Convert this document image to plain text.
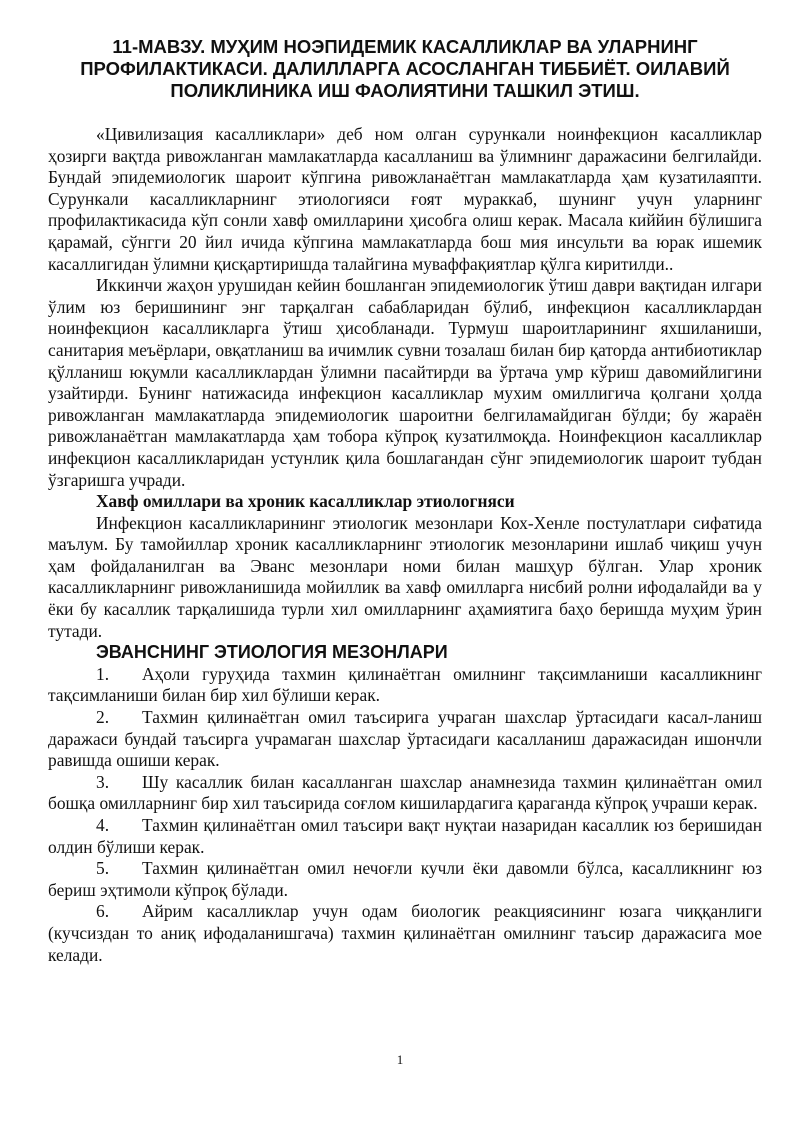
11-МАВЗУ. МУҲИМ НОЭПИДЕМИК КАСАЛЛИКЛАР ВА УЛАРНИНГ ПРОФИЛАКТИКАСИ. ДАЛИЛЛАРГА АСОСЛАНГАН ТИББИЁТ. ОИЛАВИЙ ПОЛИКЛИНИКА ИШ ФАОЛИЯТИНИ ТАШКИЛ ЭТИШ.

«Цивилизация касалликлари» деб ном олган сурункали ноинфекцион касалликлар ҳозирги вақтда ривожланган мамлакатларда касалланиш ва ўлимнинг даражасини белгилайди. Бундай эпидемиологик шароит кўпгина ривожланаётган мамлакатларда ҳам кузатилаяпти. Сурункали касалликларнинг этиологияси ғоят мураккаб, шунинг учун уларнинг профилактикасида кўп сонли хавф омилларини ҳисобга олиш керак. Масала киййин бўлишига қарамай, сўнгги 20 йил ичида кўпгина мамлакатларда бош мия инсульти ва юрак ишемик касаллигидан ўлимни қисқартиришда талайгина муваффақиятлар қўлга киритилди..

Иккинчи жаҳон урушидан кейин бошланган эпидемиологик ўтиш даври вақтидан илгари ўлим юз беришининг энг тарқалган сабабларидан бўлиб, инфекцион касалликлардан ноинфекцион касалликларга ўтиш ҳисобланади. Турмуш шароитларининг яхшиланиши, санитария меъёрлари, овқатланиш ва ичимлик сувни тозалаш билан бир қаторда антибиотиклар қўлланиш юқумли касалликлардан ўлимни пасайтирди ва ўртача умр кўриш давомийлигини узайтирди. Бунинг натижасида инфекцион касалликлар мухим омиллигича қолгани ҳолда ривожланган мамлакатларда эпидемиологик шароитни белгиламайдиган бўлди; бу жараён ривожланаётган мамлакатларда ҳам тобора кўпроқ кузатилмоқда. Ноинфекцион касалликлар инфекцион касалликларидан устунлик қила бошлагандан сўнг эпидемиологик шароит тубдан ўзгаришга учради.

Хавф омиллари ва хроник касалликлар этиологняси

Инфекцион касалликларининг этиологик мезонлари Кох-Хенле постулатлари сифатида маълум. Бу тамойиллар хроник касалликларнинг этиологик мезонларини ишлаб чиқиш учун ҳам фойдаланилган ва Эванс мезонлари номи билан машҳур бўлган. Улар хроник касалликларнинг ривожланишида мойиллик ва хавф омилларга нисбий ролни ифодалайди ва у ёки бу касаллик тарқалишида турли хил омилларнинг аҳамиятига баҳо беришда муҳим ўрин тутади.

ЭВАНСНИНГ ЭТИОЛОГИЯ МЕЗОНЛАРИ

1. Аҳоли гуруҳида тахмин қилинаётган омилнинг тақсимланиши касалликнинг тақсимланиши билан бир хил бўлиши керак.

2. Тахмин қилинаётган омил таъсирига учраган шахслар ўртасидаги касал-ланиш даражаси бундай таъсирга учрамаган шахслар ўртасидаги касалланиш даражасидан ишончли равишда ошиши керак.

3. Шу касаллик билан касалланган шахслар анамнезида тахмин қилинаётган омил бошқа омилларнинг бир хил таъсирида соғлом кишилардагига қараганда кўпроқ учраши керак.

4. Тахмин қилинаётган омил таъсири вақт нуқтаи назаридан касаллик юз беришидан олдин бўлиши керак.

5. Тахмин қилинаётган омил нечоғли кучли ёки давомли бўлса, касалликнинг юз бериш эҳтимоли кўпроқ бўлади.

6. Айрим касалликлар учун одам биологик реакциясининг юзага чиққанлиги (кучсиздан то аниқ ифодаланишгача) тахмин қилинаётган омилнинг таъсир даражасига мое келади.

1
